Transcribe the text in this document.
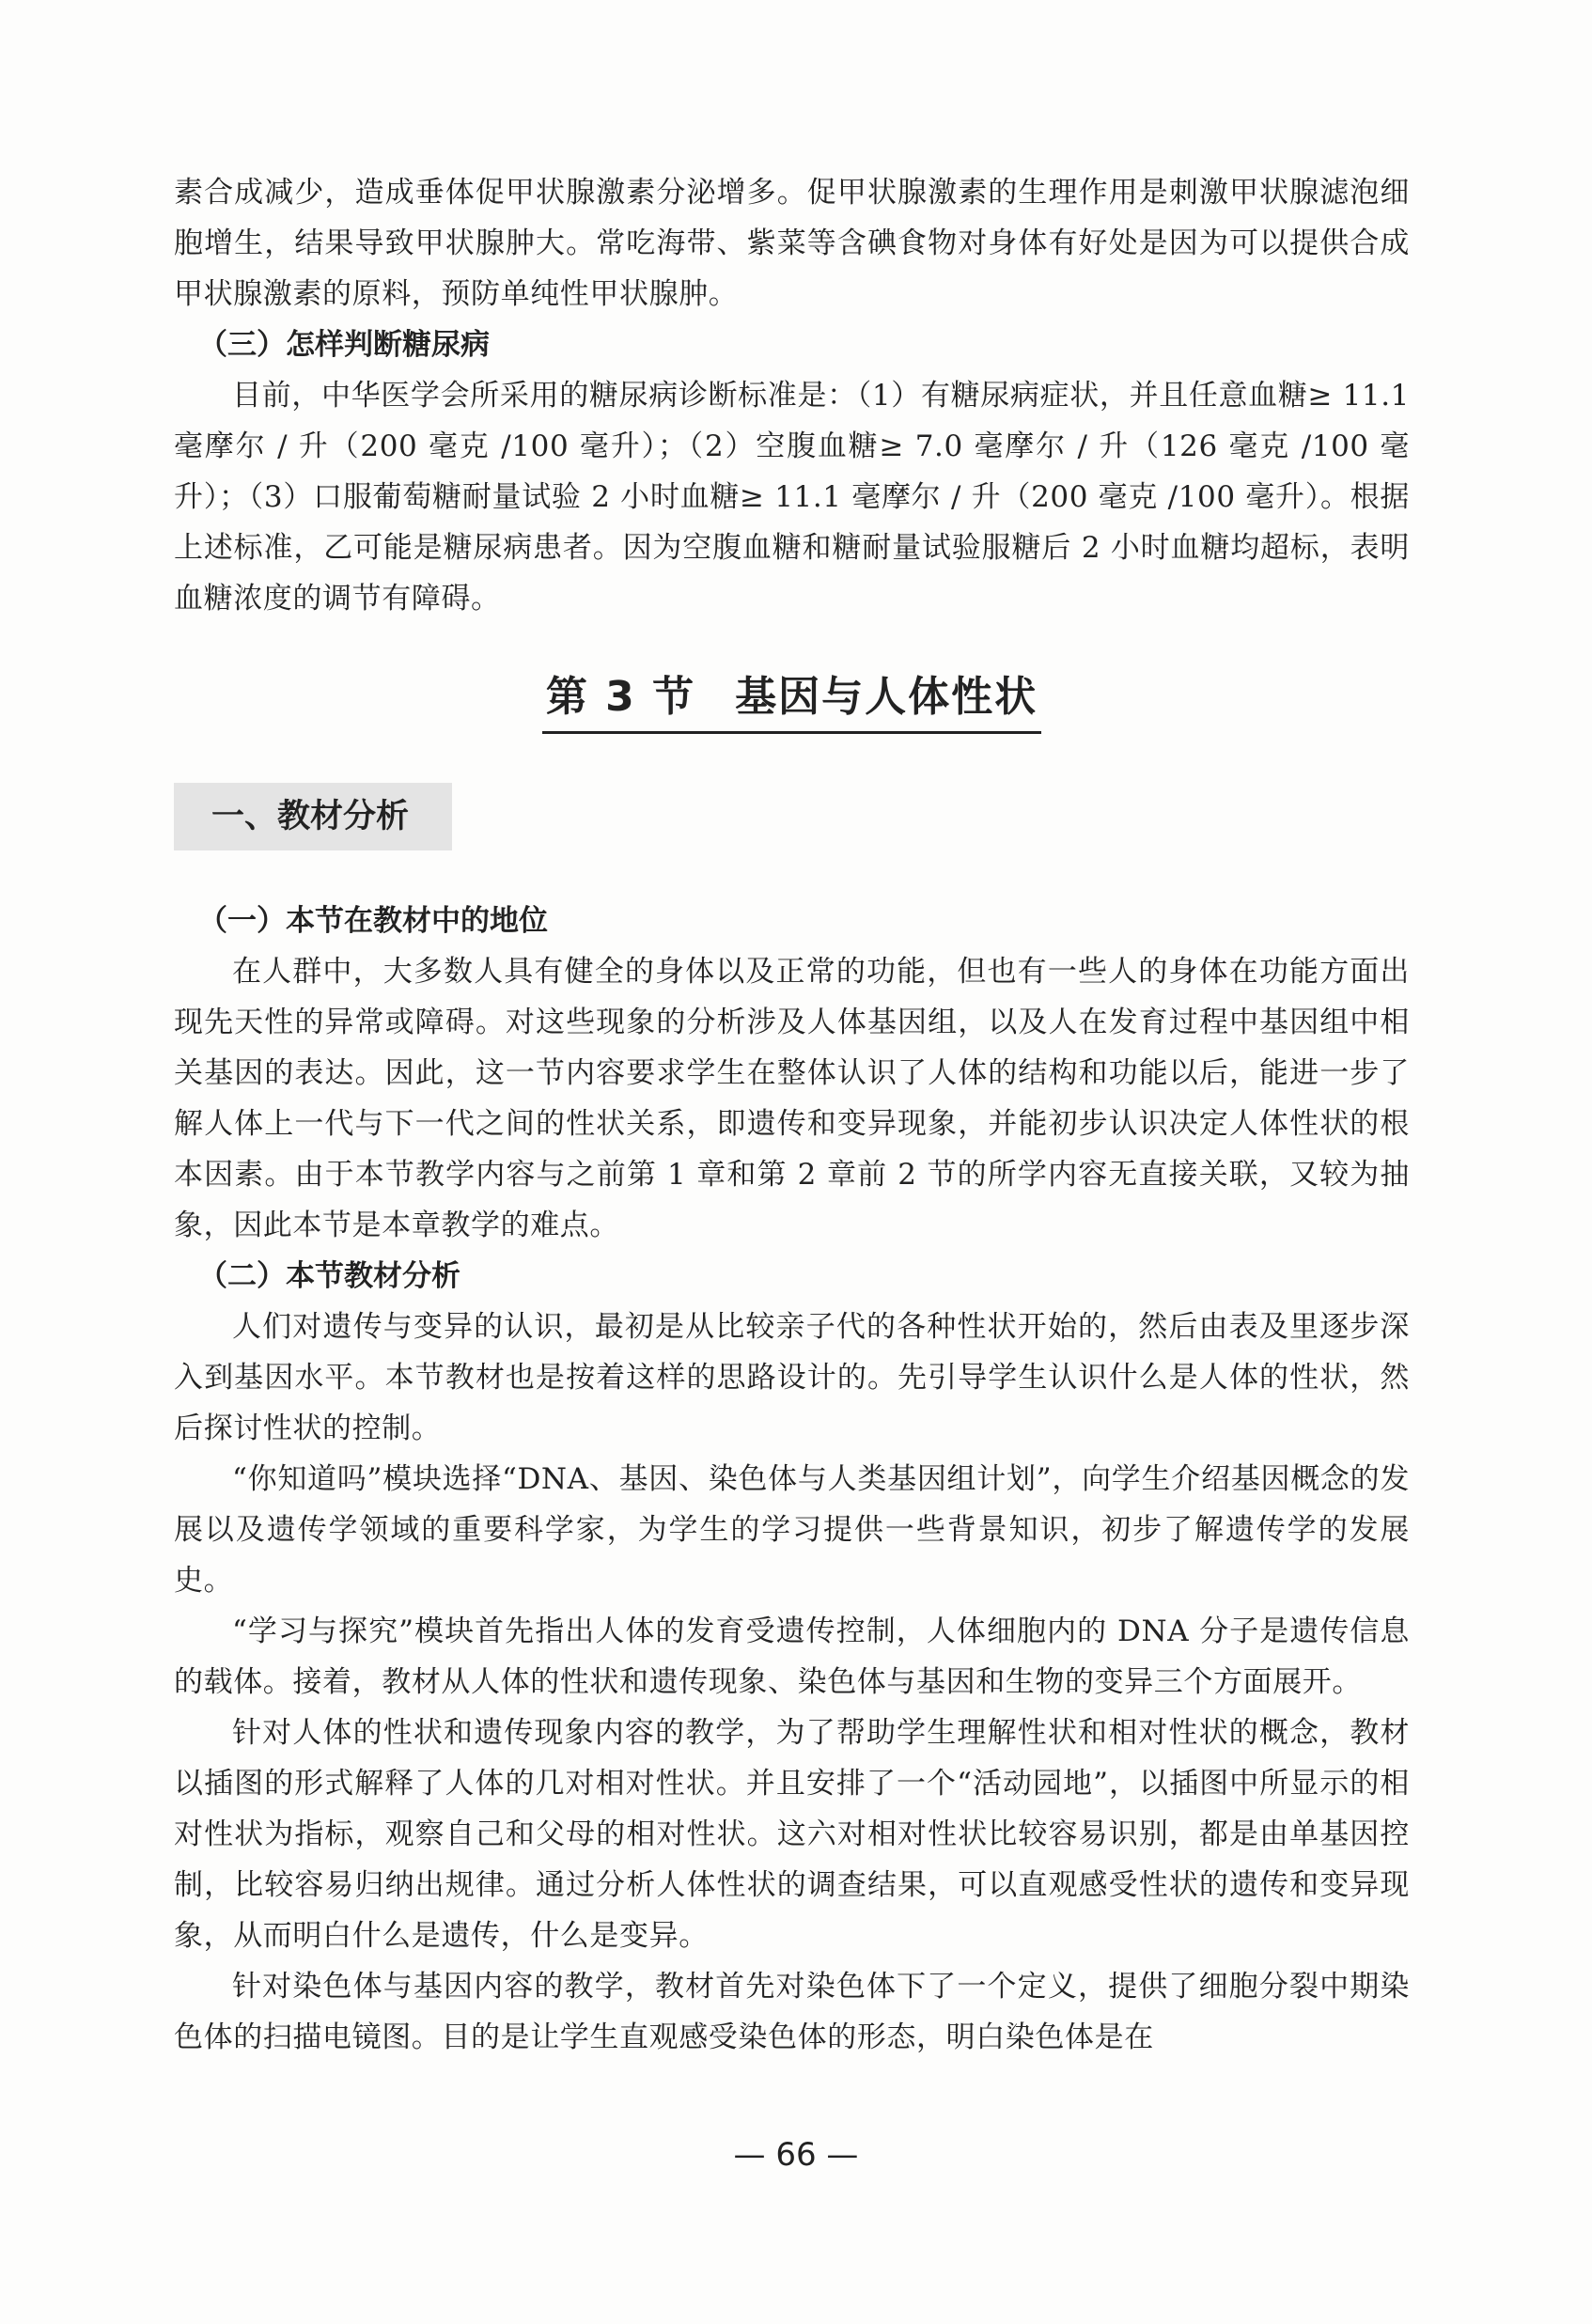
素合成减少，造成垂体促甲状腺激素分泌增多。促甲状腺激素的生理作用是刺激甲状腺滤泡细胞增生，结果导致甲状腺肿大。常吃海带、紫菜等含碘食物对身体有好处是因为可以提供合成甲状腺激素的原料，预防单纯性甲状腺肿。

（三）怎样判断糖尿病

目前，中华医学会所采用的糖尿病诊断标准是：（1）有糖尿病症状，并且任意血糖≥ 11.1 毫摩尔 / 升（200 毫克 /100 毫升）；（2）空腹血糖≥ 7.0 毫摩尔 / 升（126 毫克 /100 毫升）；（3）口服葡萄糖耐量试验 2 小时血糖≥ 11.1 毫摩尔 / 升（200 毫克 /100 毫升）。根据上述标准，乙可能是糖尿病患者。因为空腹血糖和糖耐量试验服糖后 2 小时血糖均超标，表明血糖浓度的调节有障碍。

第 3 节 基因与人体性状
一、教材分析

（一）本节在教材中的地位

在人群中，大多数人具有健全的身体以及正常的功能，但也有一些人的身体在功能方面出现先天性的异常或障碍。对这些现象的分析涉及人体基因组，以及人在发育过程中基因组中相关基因的表达。因此，这一节内容要求学生在整体认识了人体的结构和功能以后，能进一步了解人体上一代与下一代之间的性状关系，即遗传和变异现象，并能初步认识决定人体性状的根本因素。由于本节教学内容与之前第 1 章和第 2 章前 2 节的所学内容无直接关联，又较为抽象，因此本节是本章教学的难点。

（二）本节教材分析

人们对遗传与变异的认识，最初是从比较亲子代的各种性状开始的，然后由表及里逐步深入到基因水平。本节教材也是按着这样的思路设计的。先引导学生认识什么是人体的性状，然后探讨性状的控制。

“你知道吗”模块选择“DNA、基因、染色体与人类基因组计划”，向学生介绍基因概念的发展以及遗传学领域的重要科学家，为学生的学习提供一些背景知识，初步了解遗传学的发展史。

“学习与探究”模块首先指出人体的发育受遗传控制，人体细胞内的 DNA 分子是遗传信息的载体。接着，教材从人体的性状和遗传现象、染色体与基因和生物的变异三个方面展开。

针对人体的性状和遗传现象内容的教学，为了帮助学生理解性状和相对性状的概念，教材以插图的形式解释了人体的几对相对性状。并且安排了一个“活动园地”，以插图中所显示的相对性状为指标，观察自己和父母的相对性状。这六对相对性状比较容易识别，都是由单基因控制，比较容易归纳出规律。通过分析人体性状的调查结果，可以直观感受性状的遗传和变异现象，从而明白什么是遗传，什么是变异。

针对染色体与基因内容的教学，教材首先对染色体下了一个定义，提供了细胞分裂中期染色体的扫描电镜图。目的是让学生直观感受染色体的形态，明白染色体是在

— 66 —
